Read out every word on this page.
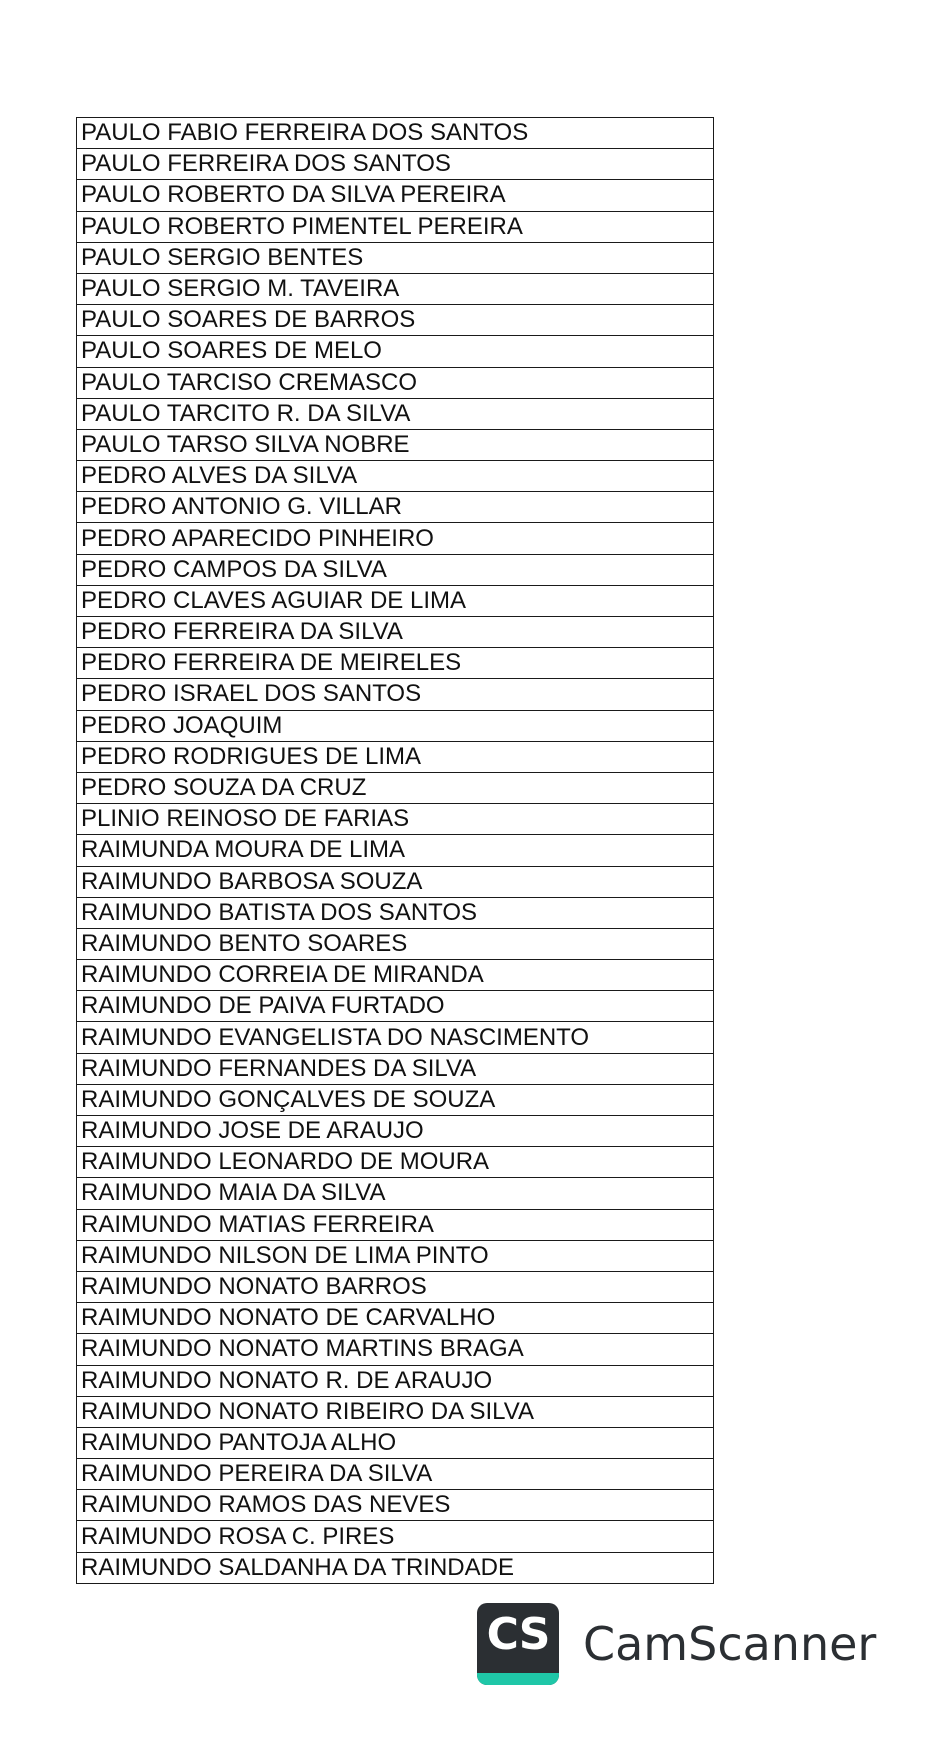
PAULO FABIO FERREIRA DOS SANTOS
PAULO FERREIRA DOS SANTOS
PAULO ROBERTO DA SILVA PEREIRA
PAULO ROBERTO PIMENTEL PEREIRA
PAULO SERGIO BENTES
PAULO SERGIO M. TAVEIRA
PAULO SOARES DE BARROS
PAULO SOARES DE MELO
PAULO TARCISO CREMASCO
PAULO TARCITO R. DA SILVA
PAULO TARSO SILVA NOBRE
PEDRO ALVES DA SILVA
PEDRO ANTONIO G. VILLAR
PEDRO APARECIDO PINHEIRO
PEDRO CAMPOS DA SILVA
PEDRO CLAVES AGUIAR DE LIMA
PEDRO FERREIRA DA SILVA
PEDRO FERREIRA DE MEIRELES
PEDRO ISRAEL DOS SANTOS
PEDRO JOAQUIM
PEDRO RODRIGUES DE LIMA
PEDRO SOUZA DA CRUZ
PLINIO REINOSO DE FARIAS
RAIMUNDA MOURA DE LIMA
RAIMUNDO BARBOSA SOUZA
RAIMUNDO BATISTA DOS SANTOS
RAIMUNDO BENTO SOARES
RAIMUNDO CORREIA DE MIRANDA
RAIMUNDO DE PAIVA FURTADO
RAIMUNDO EVANGELISTA DO NASCIMENTO
RAIMUNDO FERNANDES DA SILVA
RAIMUNDO GONÇALVES DE SOUZA
RAIMUNDO JOSE DE ARAUJO
RAIMUNDO LEONARDO DE MOURA
RAIMUNDO MAIA DA SILVA
RAIMUNDO MATIAS FERREIRA
RAIMUNDO NILSON DE LIMA PINTO
RAIMUNDO NONATO BARROS
RAIMUNDO NONATO DE CARVALHO
RAIMUNDO NONATO MARTINS BRAGA
RAIMUNDO NONATO R. DE ARAUJO
RAIMUNDO NONATO RIBEIRO DA SILVA
RAIMUNDO PANTOJA ALHO
RAIMUNDO PEREIRA DA SILVA
RAIMUNDO RAMOS DAS NEVES
RAIMUNDO ROSA C. PIRES
RAIMUNDO SALDANHA DA TRINDADE
CS CamScanner
